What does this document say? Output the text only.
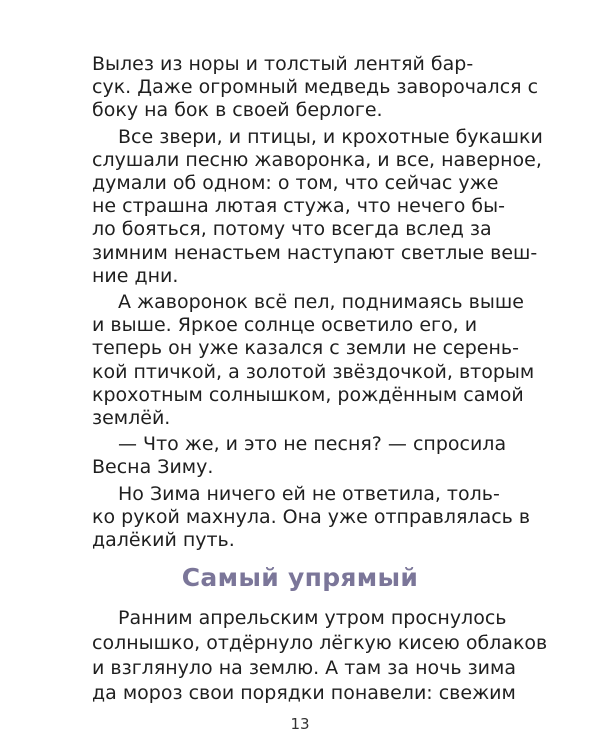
Вылез из норы и толстый лентяй бар-
сук. Даже огромный медведь заворочался с
боку на бок в своей берлоге.
Все звери, и птицы, и крохотные букашки
слушали песню жаворонка, и все, наверное,
думали об одном: о том, что сейчас уже
не страшна лютая стужа, что нечего бы-
ло бояться, потому что всегда вслед за
зимним ненастьем наступают светлые веш-
ние дни.
А жаворонок всё пел, поднимаясь выше
и выше. Яркое солнце осветило его, и
теперь он уже казался с земли не серень-
кой птичкой, а золотой звёздочкой, вторым
крохотным солнышком, рождённым самой
землёй.
— Что же, и это не песня? — спросила
Весна Зиму.
Но Зима ничего ей не ответила, толь-
ко рукой махнула. Она уже отправлялась в
далёкий путь.
Самый упрямый
Ранним апрельским утром проснулось
солнышко, отдёрнуло лёгкую кисею облаков
и взглянуло на землю. А там за ночь зима
да мороз свои порядки понавели: свежим
13
